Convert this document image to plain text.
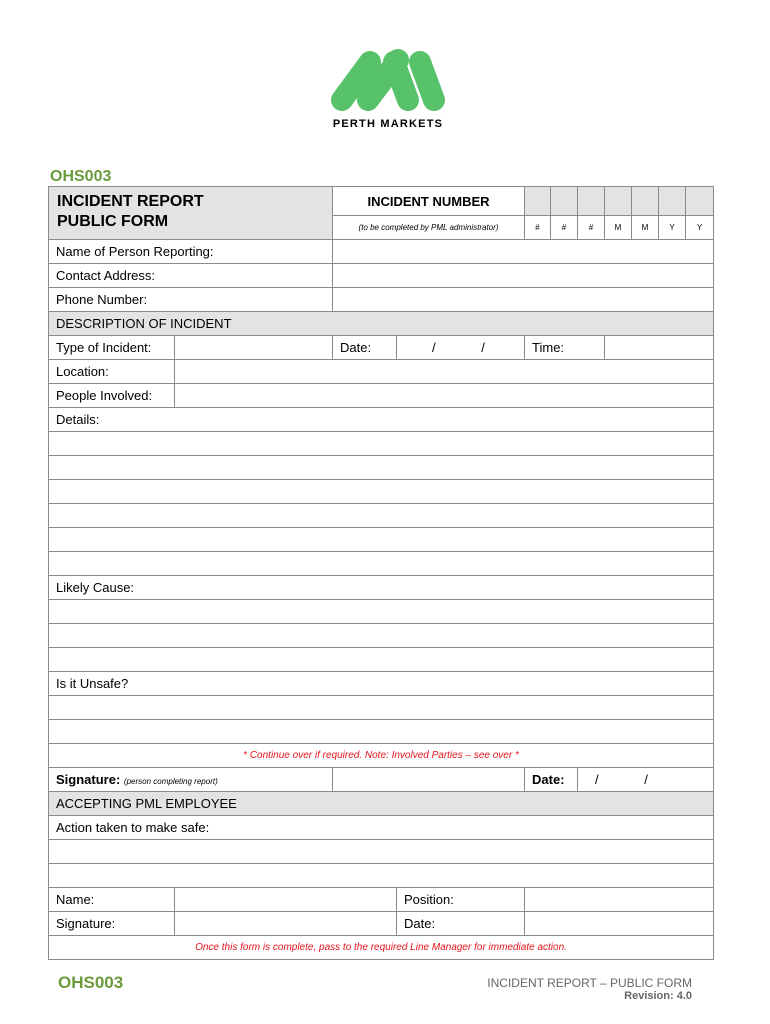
PERTH MARKETS
OHS003
INCIDENT REPORT
PUBLIC FORM		INCIDENT NUMBER								
		(to be completed by PML administrator)		#	#	#	M	M	Y	Y
Name of Person Reporting:										
Contact Address:										
Phone Number:										
DESCRIPTION OF INCIDENT										
Type of Incident:		Date:	/ /	Time:						
Location:										
People Involved:										
Details:										

Likely Cause:										

Is it Unsafe?										

* Continue over if required. Note: Involved Parties – see over *										
Signature: (person completing report)				Date:		/ /				
ACCEPTING PML EMPLOYEE										
Action taken to make safe:										

Name:			Position:							
Signature:			Date:							
Once this form is complete, pass to the required Line Manager for immediate action.										
OHS003	INCIDENT REPORT – PUBLIC FORM
Revision: 4.0
